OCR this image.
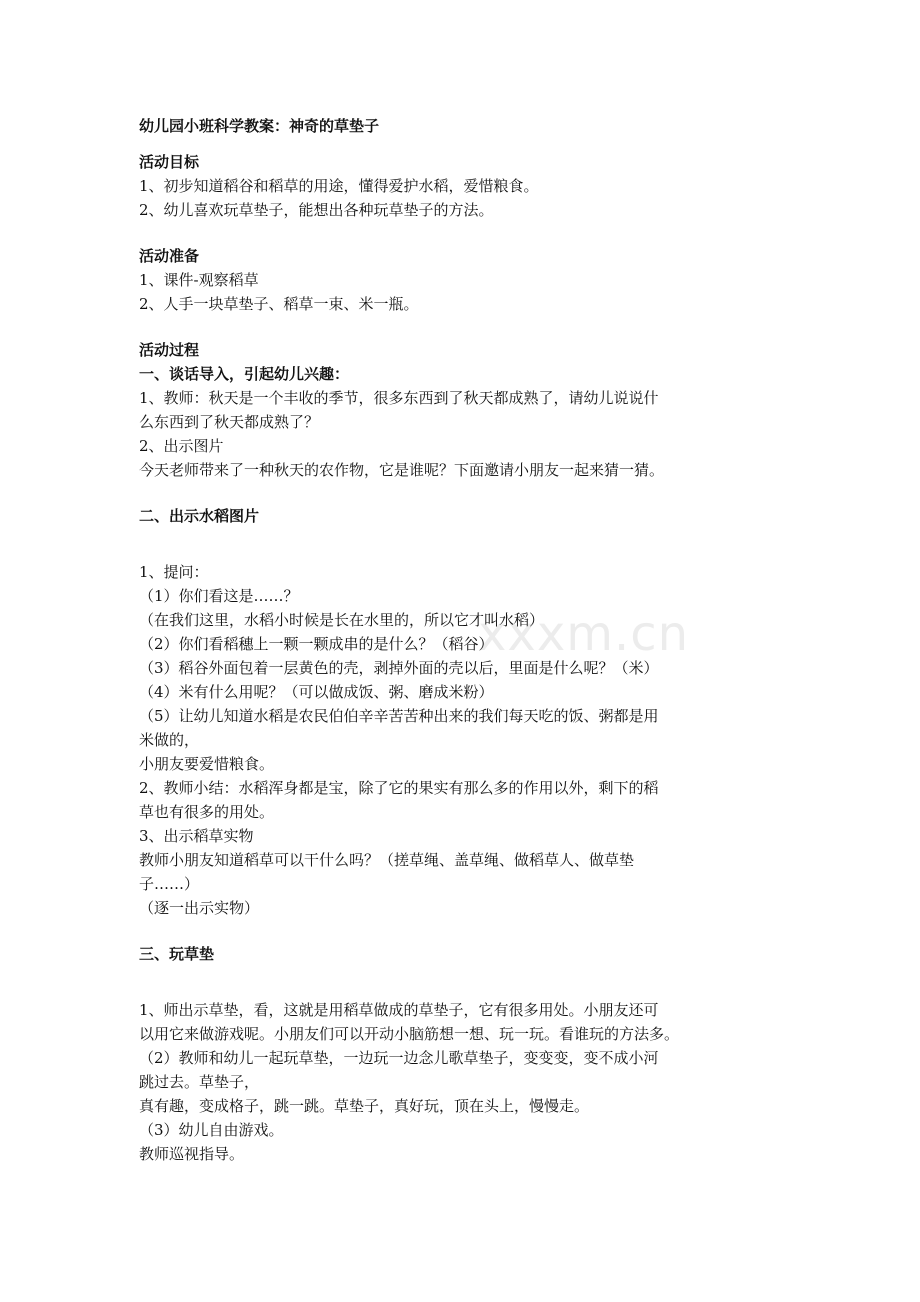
幼儿园小班科学教案：神奇的草垫子
活动目标
1、初步知道稻谷和稻草的用途，懂得爱护水稻，爱惜粮食。
2、幼儿喜欢玩草垫子，能想出各种玩草垫子的方法。
活动准备
1、课件-观察稻草
2、人手一块草垫子、稻草一束、米一瓶。
活动过程
一、谈话导入，引起幼儿兴趣：
1、教师：秋天是一个丰收的季节，很多东西到了秋天都成熟了，请幼儿说说什
么东西到了秋天都成熟了？
2、出示图片
今天老师带来了一种秋天的农作物，它是谁呢？下面邀请小朋友一起来猜一猜。
二、出示水稻图片
1、提问：
（1）你们看这是……？
（在我们这里，水稻小时候是长在水里的，所以它才叫水稻）
（2）你们看稻穗上一颗一颗成串的是什么？（稻谷）
（3）稻谷外面包着一层黄色的壳，剥掉外面的壳以后，里面是什么呢？（米）
（4）米有什么用呢？（可以做成饭、粥、磨成米粉）
（5）让幼儿知道水稻是农民伯伯辛辛苦苦种出来的我们每天吃的饭、粥都是用
米做的，
小朋友要爱惜粮食。
2、教师小结：水稻浑身都是宝，除了它的果实有那么多的作用以外，剩下的稻
草也有很多的用处。
3、出示稻草实物
教师小朋友知道稻草可以干什么吗？（搓草绳、盖草绳、做稻草人、做草垫
子……）
（逐一出示实物）
三、玩草垫
1、师出示草垫，看，这就是用稻草做成的草垫子，它有很多用处。小朋友还可
以用它来做游戏呢。小朋友们可以开动小脑筋想一想、玩一玩。看谁玩的方法多。
（2）教师和幼儿一起玩草垫，一边玩一边念儿歌草垫子，变变变，变不成小河
跳过去。草垫子，
真有趣，变成格子，跳一跳。草垫子，真好玩，顶在头上，慢慢走。
（3）幼儿自由游戏。
教师巡视指导。
xxxm.cn
